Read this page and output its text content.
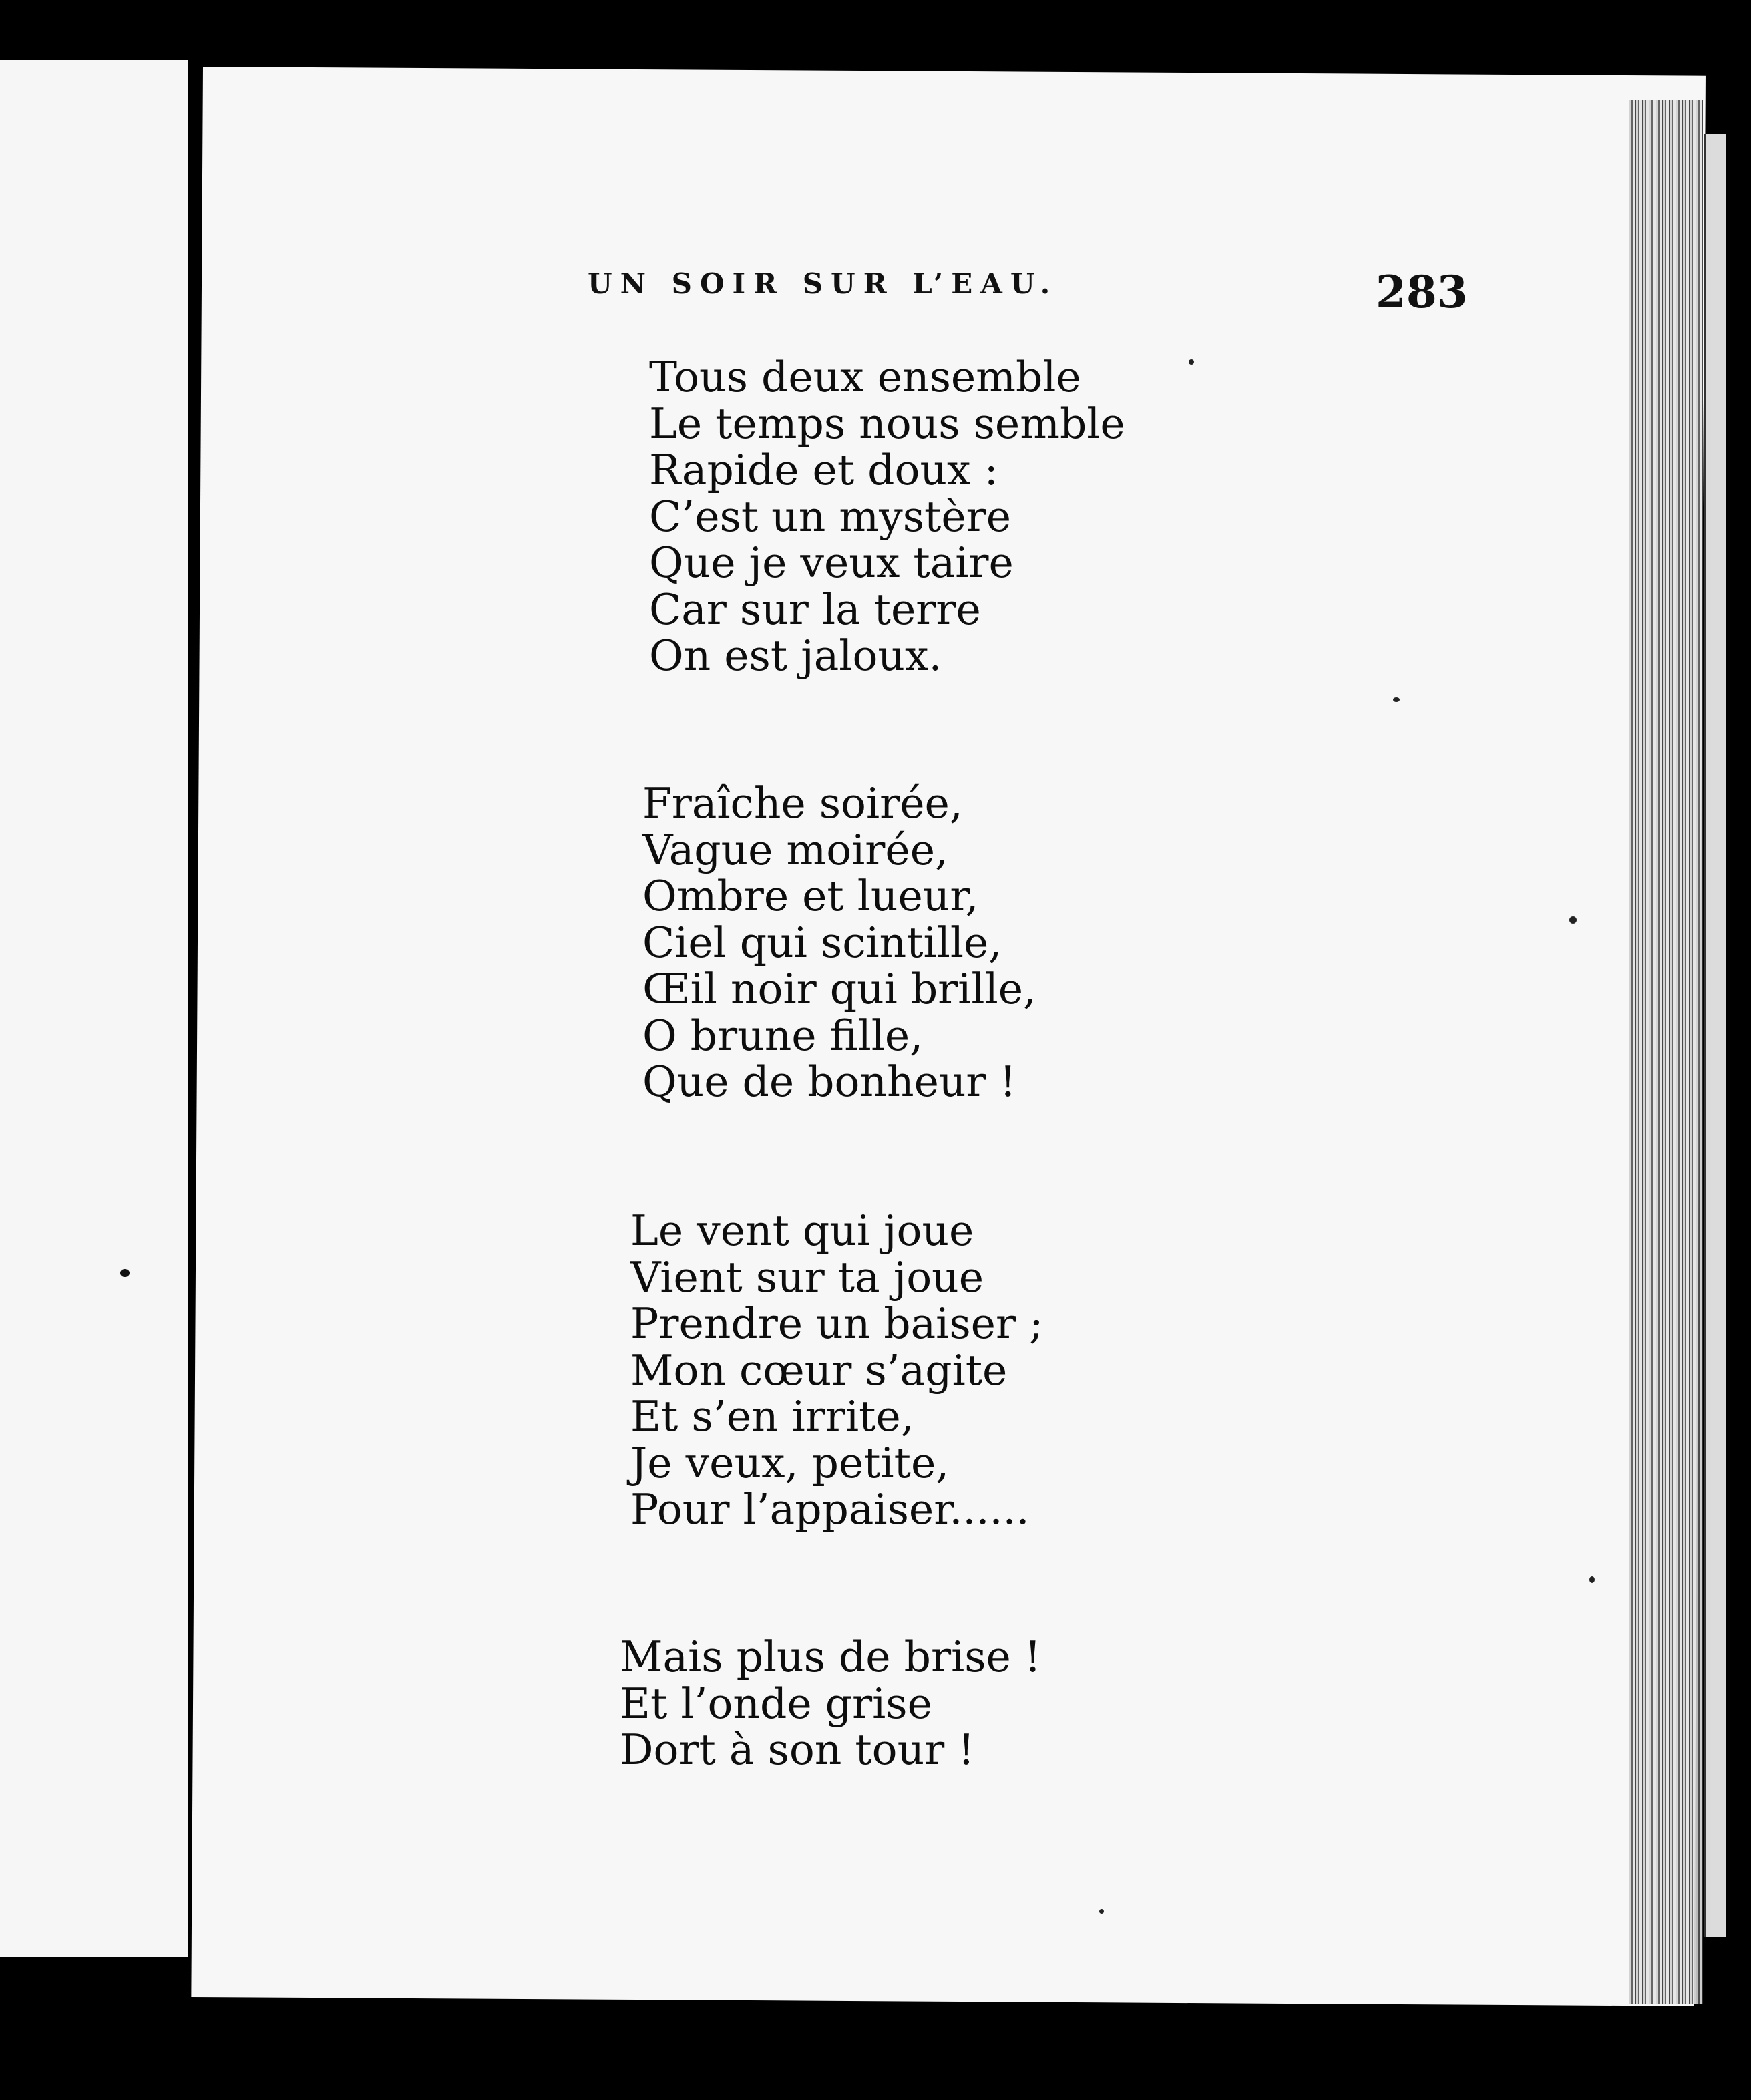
UN SOIR SUR L’EAU.	283
Tous deux ensemble
Le temps nous semble
Rapide et doux :
C’est un mystère
Que je veux taire
Car sur la terre
On est jaloux.
Fraîche soirée,
Vague moirée,
Ombre et lueur,
Ciel qui scintille,
Œil noir qui brille,
O brune fille,
Que de bonheur !
Le vent qui joue
Vient sur ta joue
Prendre un baiser ;
Mon cœur s’agite
Et s’en irrite,
Je veux, petite,
Pour l’appaiser......
Mais plus de brise !
Et l’onde grise
Dort à son tour !
